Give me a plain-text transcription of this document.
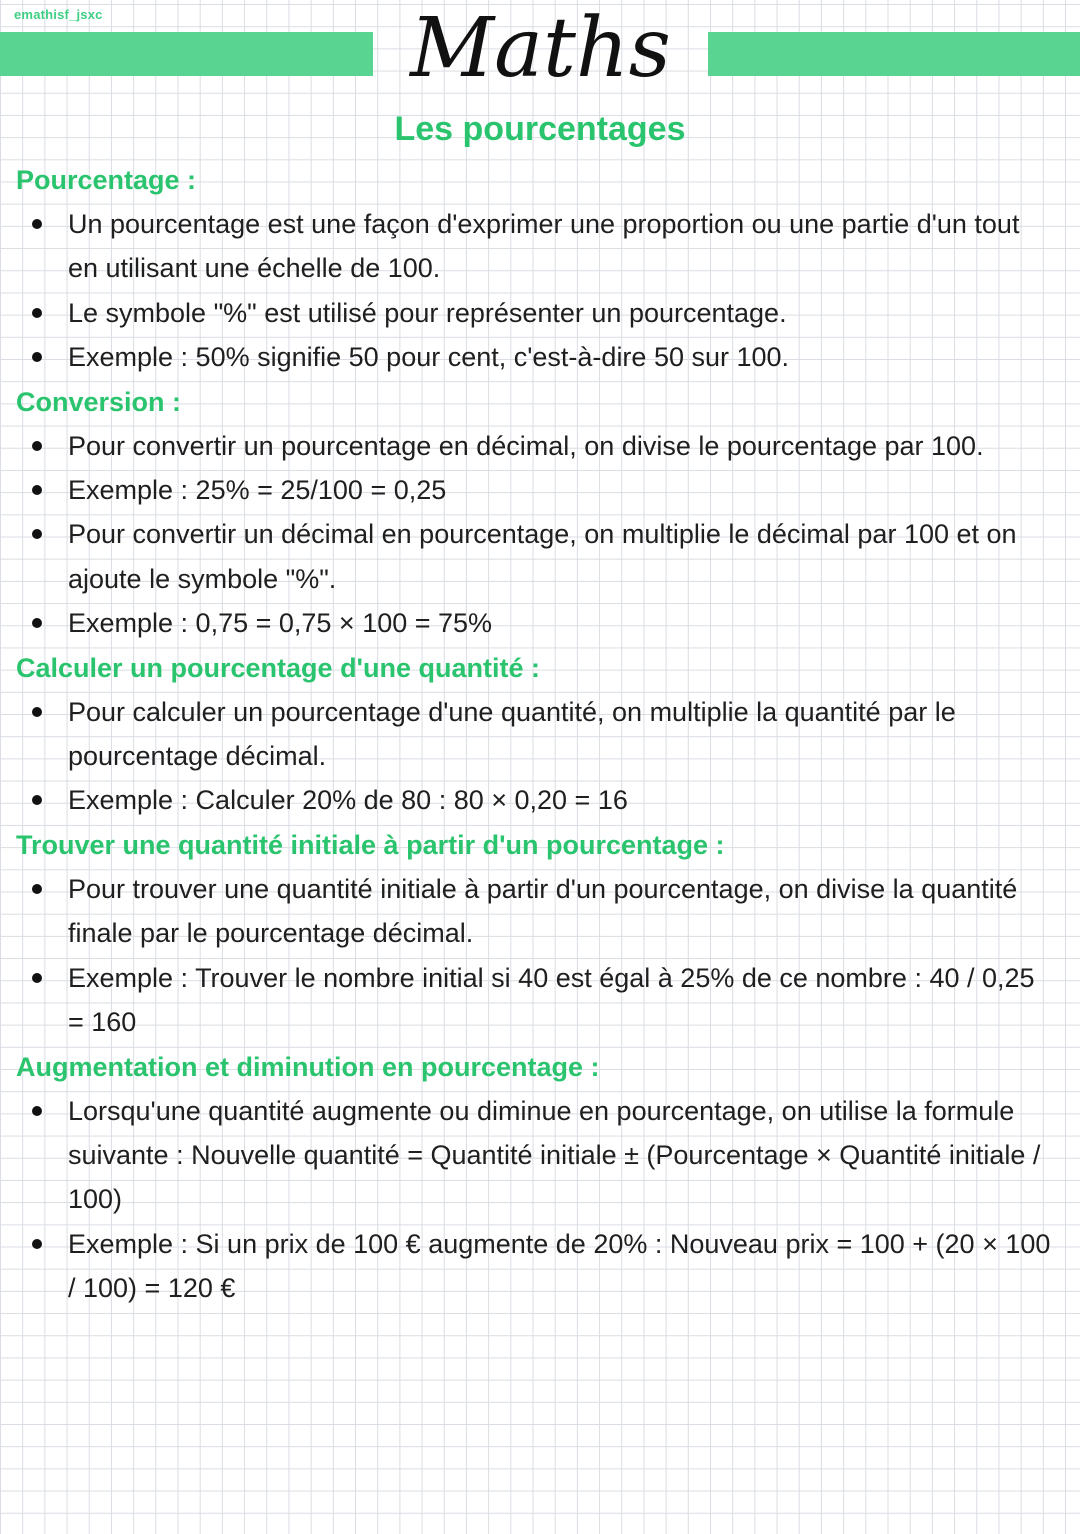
emathisf_jsxc	Maths
Les pourcentages
Pourcentage :
Un pourcentage est une façon d'exprimer une proportion ou une partie d'un tout en utilisant une échelle de 100.
Le symbole "%" est utilisé pour représenter un pourcentage.
Exemple : 50% signifie 50 pour cent, c'est-à-dire 50 sur 100.
Conversion :
Pour convertir un pourcentage en décimal, on divise le pourcentage par 100.
Exemple : 25% = 25/100 = 0,25
Pour convertir un décimal en pourcentage, on multiplie le décimal par 100 et on ajoute le symbole "%".
Exemple : 0,75 = 0,75 × 100 = 75%
Calculer un pourcentage d'une quantité :
Pour calculer un pourcentage d'une quantité, on multiplie la quantité par le pourcentage décimal.
Exemple : Calculer 20% de 80 : 80 × 0,20 = 16
Trouver une quantité initiale à partir d'un pourcentage :
Pour trouver une quantité initiale à partir d'un pourcentage, on divise la quantité finale par le pourcentage décimal.
Exemple : Trouver le nombre initial si 40 est égal à 25% de ce nombre : 40 / 0,25 = 160
Augmentation et diminution en pourcentage :
Lorsqu'une quantité augmente ou diminue en pourcentage, on utilise la formule suivante : Nouvelle quantité = Quantité initiale ± (Pourcentage × Quantité initiale / 100)
Exemple : Si un prix de 100 € augmente de 20% : Nouveau prix = 100 + (20 × 100 / 100) = 120 €
